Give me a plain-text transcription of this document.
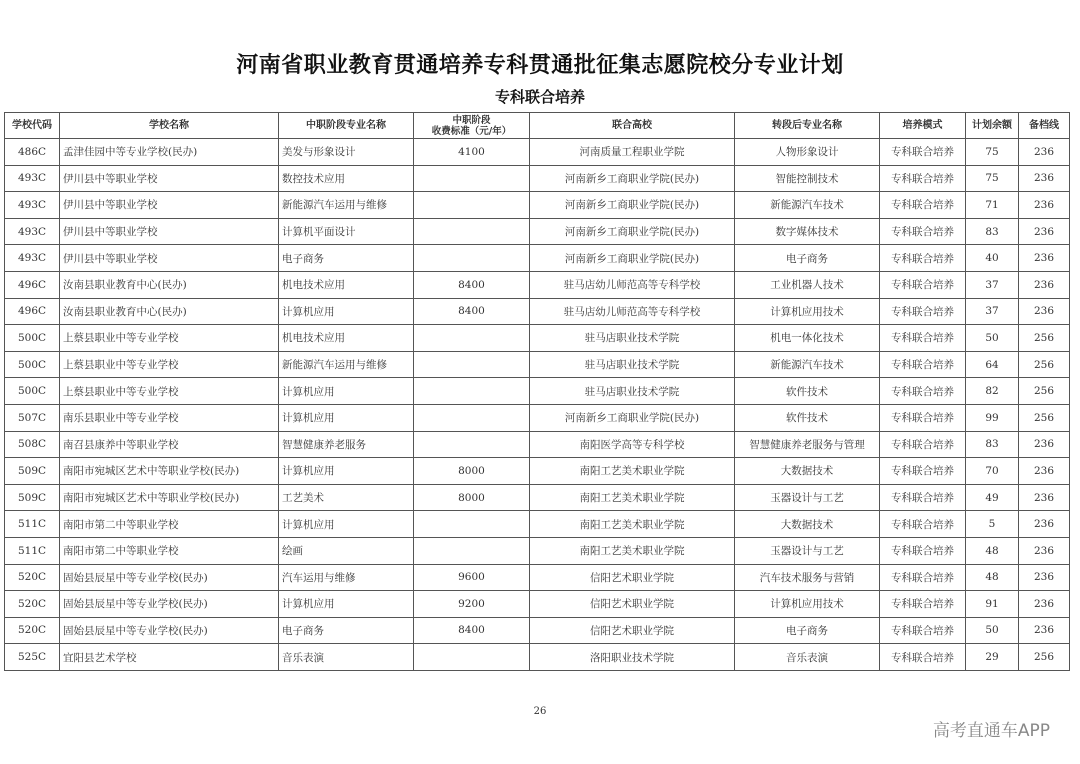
河南省职业教育贯通培养专科贯通批征集志愿院校分专业计划
专科联合培养
学校代码	学校名称	中职阶段专业名称	中职阶段
收费标准（元/年）	联合高校	转段后专业名称	培养模式	计划余额	备档线
486C	孟津佳园中等专业学校(民办)	美发与形象设计	4100	河南质量工程职业学院	人物形象设计	专科联合培养	75	236
493C	伊川县中等职业学校	数控技术应用		河南新乡工商职业学院(民办)	智能控制技术	专科联合培养	75	236
493C	伊川县中等职业学校	新能源汽车运用与维修		河南新乡工商职业学院(民办)	新能源汽车技术	专科联合培养	71	236
493C	伊川县中等职业学校	计算机平面设计		河南新乡工商职业学院(民办)	数字媒体技术	专科联合培养	83	236
493C	伊川县中等职业学校	电子商务		河南新乡工商职业学院(民办)	电子商务	专科联合培养	40	236
496C	汝南县职业教育中心(民办)	机电技术应用	8400	驻马店幼儿师范高等专科学校	工业机器人技术	专科联合培养	37	236
496C	汝南县职业教育中心(民办)	计算机应用	8400	驻马店幼儿师范高等专科学校	计算机应用技术	专科联合培养	37	236
500C	上蔡县职业中等专业学校	机电技术应用		驻马店职业技术学院	机电一体化技术	专科联合培养	50	256
500C	上蔡县职业中等专业学校	新能源汽车运用与维修		驻马店职业技术学院	新能源汽车技术	专科联合培养	64	256
500C	上蔡县职业中等专业学校	计算机应用		驻马店职业技术学院	软件技术	专科联合培养	82	256
507C	南乐县职业中等专业学校	计算机应用		河南新乡工商职业学院(民办)	软件技术	专科联合培养	99	256
508C	南召县康养中等职业学校	智慧健康养老服务		南阳医学高等专科学校	智慧健康养老服务与管理	专科联合培养	83	236
509C	南阳市宛城区艺术中等职业学校(民办)	计算机应用	8000	南阳工艺美术职业学院	大数据技术	专科联合培养	70	236
509C	南阳市宛城区艺术中等职业学校(民办)	工艺美术	8000	南阳工艺美术职业学院	玉器设计与工艺	专科联合培养	49	236
511C	南阳市第二中等职业学校	计算机应用		南阳工艺美术职业学院	大数据技术	专科联合培养	5	236
511C	南阳市第二中等职业学校	绘画		南阳工艺美术职业学院	玉器设计与工艺	专科联合培养	48	236
520C	固始县辰星中等专业学校(民办)	汽车运用与维修	9600	信阳艺术职业学院	汽车技术服务与营销	专科联合培养	48	236
520C	固始县辰星中等专业学校(民办)	计算机应用	9200	信阳艺术职业学院	计算机应用技术	专科联合培养	91	236
520C	固始县辰星中等专业学校(民办)	电子商务	8400	信阳艺术职业学院	电子商务	专科联合培养	50	236
525C	宜阳县艺术学校	音乐表演		洛阳职业技术学院	音乐表演	专科联合培养	29	256
26
高考直通车APP
